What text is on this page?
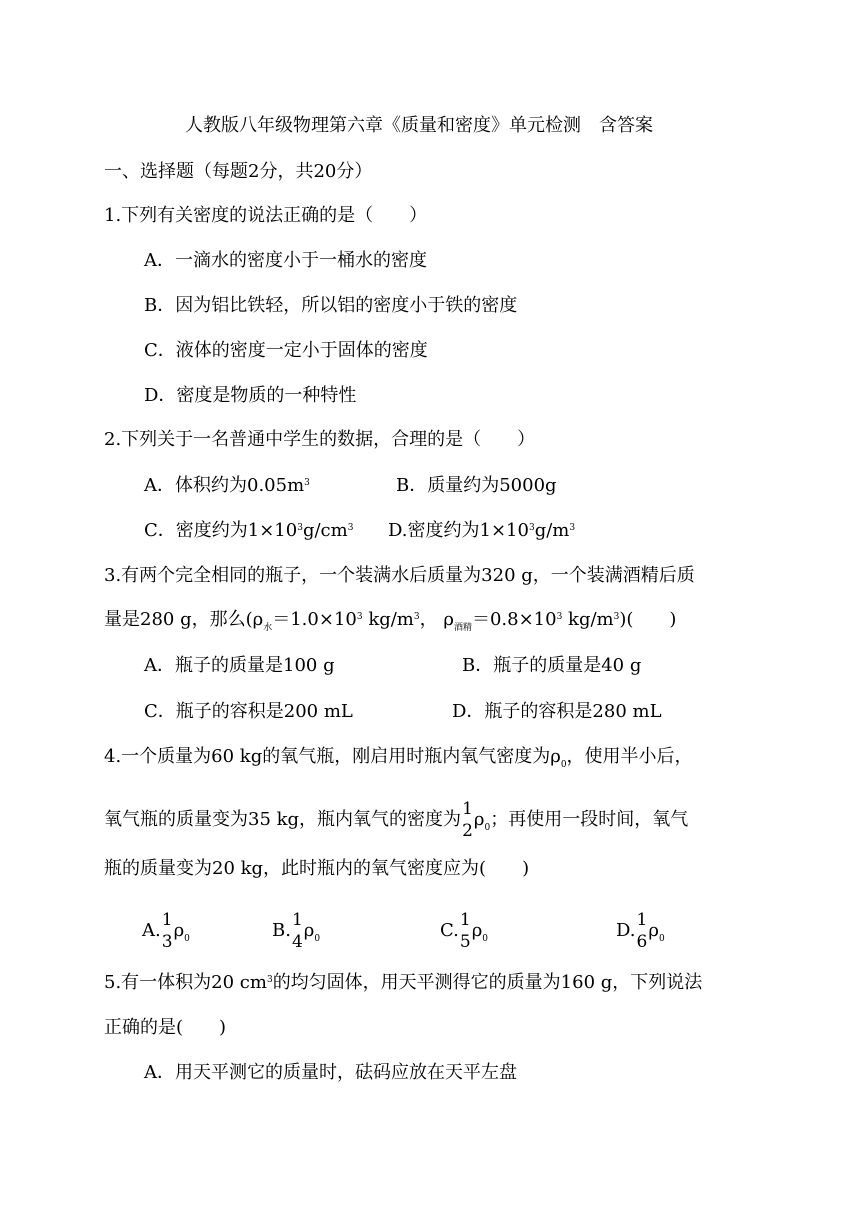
人教版八年级物理第六章《质量和密度》单元检测　含答案
一、选择题（每题2分，共20分）
1.下列有关密度的说法正确的是（　　）
A．一滴水的密度小于一桶水的密度
B．因为铝比铁轻，所以铝的密度小于铁的密度
C．液体的密度一定小于固体的密度
D．密度是物质的一种特性
2.下列关于一名普通中学生的数据，合理的是（　　）
A．体积约为$0.05m^3$	B．质量约为5000g
C．密度约为$1\times 10^3g/cm^3$ D.密度约为$1\times 10^3g/m^3$
3.有两个完全相同的瓶子，一个装满水后质量为320 g，一个装满酒精后质
量是280 g，那么($\rho_水=1.0\times 10^3$ $kg/m^3$， $\rho_{酒精}=0.8\times 10^3$ $kg/m^3$)(　　)
A．瓶子的质量是100 g	B．瓶子的质量是40 g
C．瓶子的容积是200 mL	D．瓶子的容积是280 mL
4.一个质量为60 kg的氧气瓶，刚启用时瓶内氧气密度为$\rho_0$，使用半小后，
氧气瓶的质量变为35 kg，瓶内氧气的密度为 1
2
$\rho_0$；再使用一段时间，氧气
瓶的质量变为20 kg，此时瓶内的氧气密度应为(　　)
A. 1
3
$\rho_0$	B. 1
4
$\rho_0$	C. 1
5
$\rho_0$	D. 1
6
$\rho_0$
5.有一体积为20 $cm^3$的均匀固体，用天平测得它的质量为160 g，下列说法
正确的是(　　)
A．用天平测它的质量时，砝码应放在天平左盘
